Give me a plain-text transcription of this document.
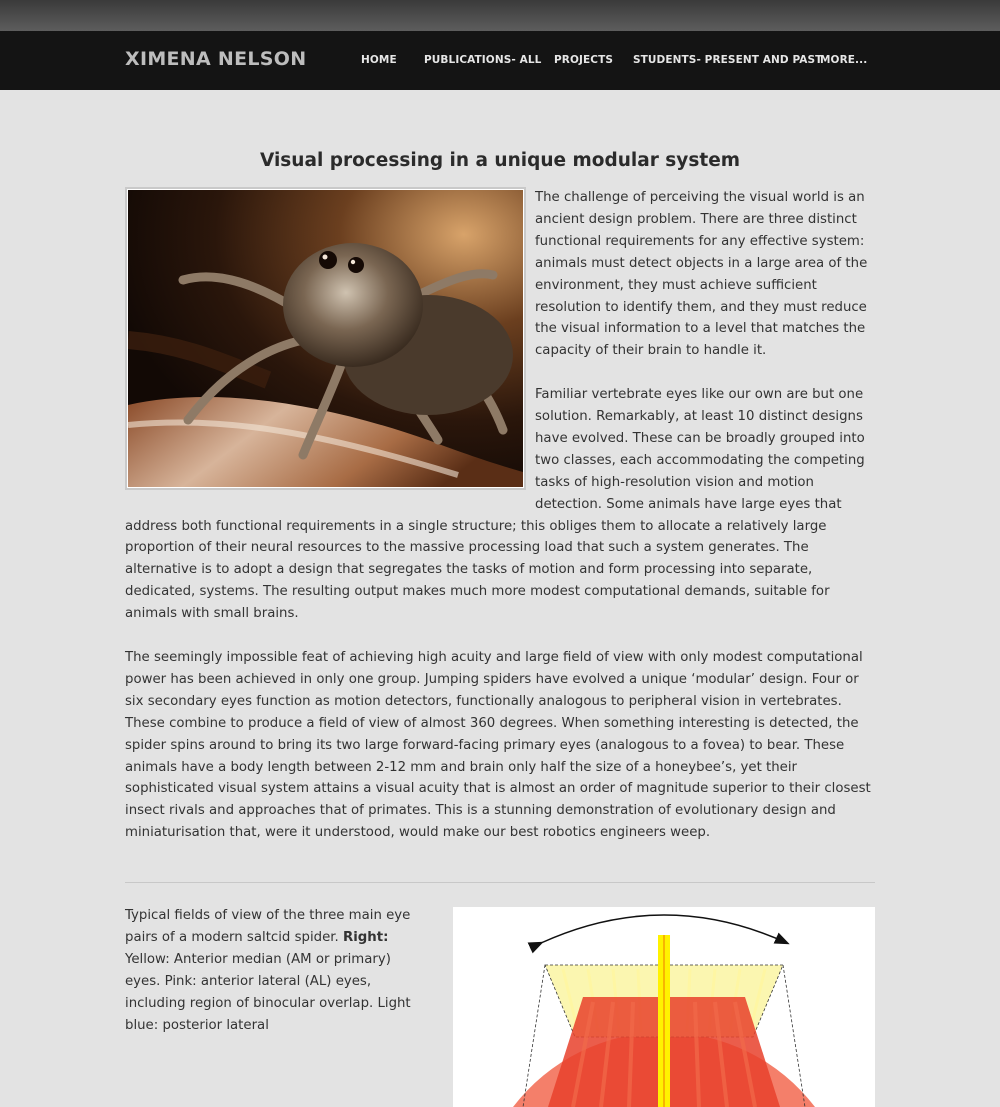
XIMENA NELSON	HOME	PUBLICATIONS- ALL PROJECTS STUDENTS- PRESENT AND PAST
MORE...
Visual processing in a unique modular system

The challenge of perceiving the visual world is an ancient design problem. There are three distinct functional requirements for any effective system: animals must detect objects in a large area of the environment, they must achieve sufficient resolution to identify them, and they must reduce the visual information to a level that matches the capacity of their brain to handle it.

Familiar vertebrate eyes like our own are but one solution. Remarkably, at least 10 distinct designs have evolved. These can be broadly grouped into two classes, each accommodating the competing tasks of high-resolution vision and motion detection. Some animals have large eyes that address both functional requirements in a single structure; this obliges them to allocate a relatively large proportion of their neural resources to the massive processing load that such a system generates. The alternative is to adopt a design that segregates the tasks of motion and form processing into separate, dedicated, systems. The resulting output makes much more modest computational demands, suitable for animals with small brains.

The seemingly impossible feat of achieving high acuity and large field of view with only modest computational power has been achieved in only one group. Jumping spiders have evolved a unique ‘modular’ design. Four or six secondary eyes function as motion detectors, functionally analogous to peripheral vision in vertebrates. These combine to produce a field of view of almost 360 degrees. When something interesting is detected, the spider spins around to bring its two large forward-facing primary eyes (analogous to a fovea) to bear. These animals have a body length between 2-12 mm and brain only half the size of a honeybee’s, yet their sophisticated visual system attains a visual acuity that is almost an order of magnitude superior to their closest insect rivals and approaches that of primates. This is a stunning demonstration of evolutionary design and miniaturisation that, were it understood, would make our best robotics engineers weep.

Typical fields of view of the three main eye pairs of a modern saltcid spider. Right: Yellow: Anterior median (AM or primary) eyes. Pink: anterior lateral (AL) eyes, including region of binocular overlap. Light blue: posterior lateral
